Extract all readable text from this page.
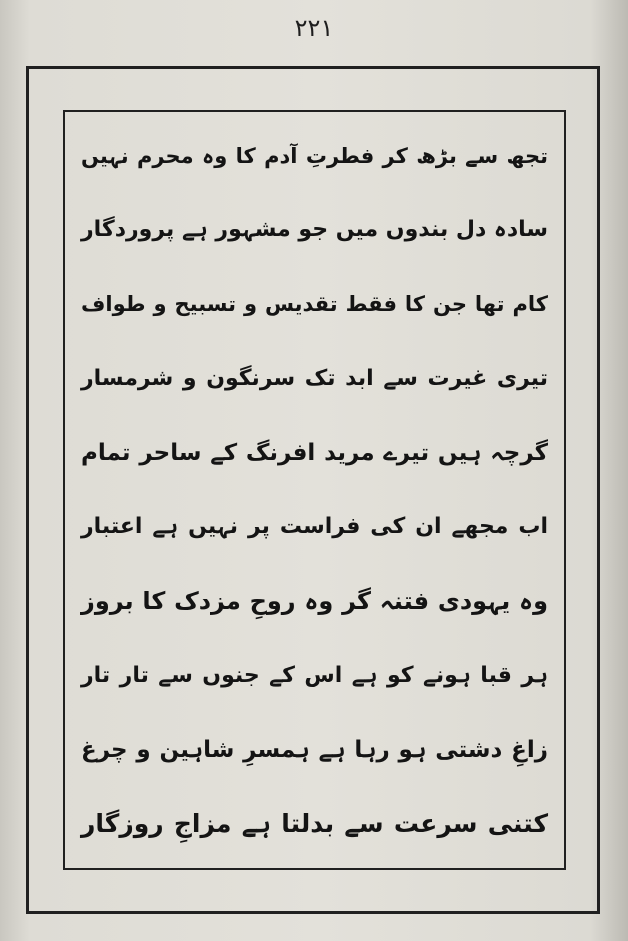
۲۲۱
تجھ سے بڑھ کر فطرتِ آدم کا وہ محرم نہیں
سادہ دل بندوں میں جو مشہور ہے پروردگار
کام تھا جن کا فقط تقدیس و تسبیح و طواف
تیری غیرت سے ابد تک سرنگون و شرمسار
گرچہ ہیں تیرے مرید افرنگ کے ساحر تمام
اب مجھے ان کی فراست پر نہیں ہے اعتبار
وہ یہودی فتنہ گر وہ روحِ مزدک کا بروز
ہر قبا ہونے کو ہے اس کے جنوں سے تار تار
زاغِ دشتی ہو رہا ہے ہمسرِ شاہین و چرغ
کتنی سرعت سے بدلتا ہے مزاجِ روزگار
